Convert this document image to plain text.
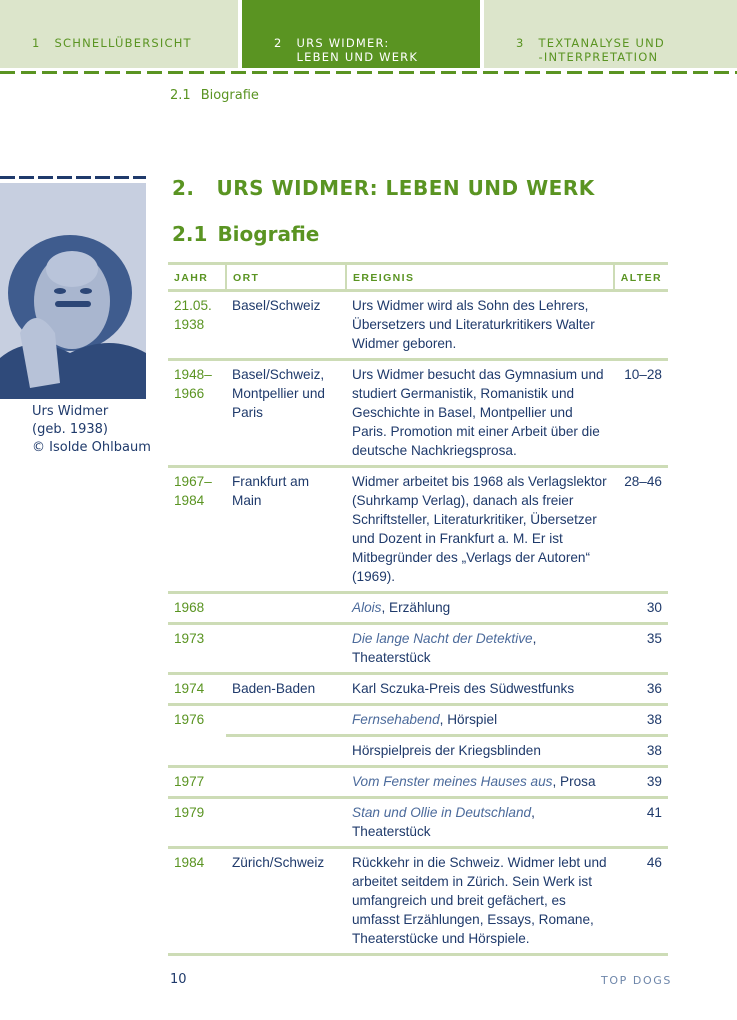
1 SCHNELLÜBERSICHT	2 URS WIDMER:
LEBEN UND WERK
3 TEXTANALYSE UND
-INTERPRETATION
2.1 Biografie
Urs Widmer
(geb. 1938)
© Isolde Ohlbaum
2. URS WIDMER: LEBEN UND WERK
2.1 Biografie
JAHR	ORT	EREIGNIS	ALTER
21.05. 1938	Basel/Schweiz	Urs Widmer wird als Sohn des Lehrers, Übersetzers und Literaturkritikers Walter Widmer geboren.	
1948– 1966	Basel/Schweiz, Montpellier und Paris	Urs Widmer besucht das Gymnasium und studiert Germanistik, Romanistik und Geschichte in Basel, Montpellier und Paris. Promotion mit einer Arbeit über die deutsche Nachkriegsprosa.	10–28
1967– 1984	Frankfurt am Main	Widmer arbeitet bis 1968 als Verlagslektor (Suhrkamp Verlag), danach als freier Schriftsteller, Literaturkritiker, Übersetzer und Dozent in Frankfurt a. M. Er ist Mitbegründer des „Verlags der Autoren“ (1969).	28–46
1968		Alois, Erzählung	30
1973		Die lange Nacht der Detektive, Theaterstück	35
1974	Baden-Baden	Karl Sczuka-Preis des Südwestfunks	36
1976		Fernsehabend, Hörspiel	38
		Hörspielpreis der Kriegsblinden	38
1977		Vom Fenster meines Hauses aus, Prosa	39
1979		Stan und Ollie in Deutschland, Theaterstück	41
1984	Zürich/Schweiz	Rückkehr in die Schweiz. Widmer lebt und arbeitet seitdem in Zürich. Sein Werk ist umfangreich und breit gefächert, es umfasst Erzählungen, Essays, Romane, Theaterstücke und Hörspiele.	46
10	TOP DOGS
